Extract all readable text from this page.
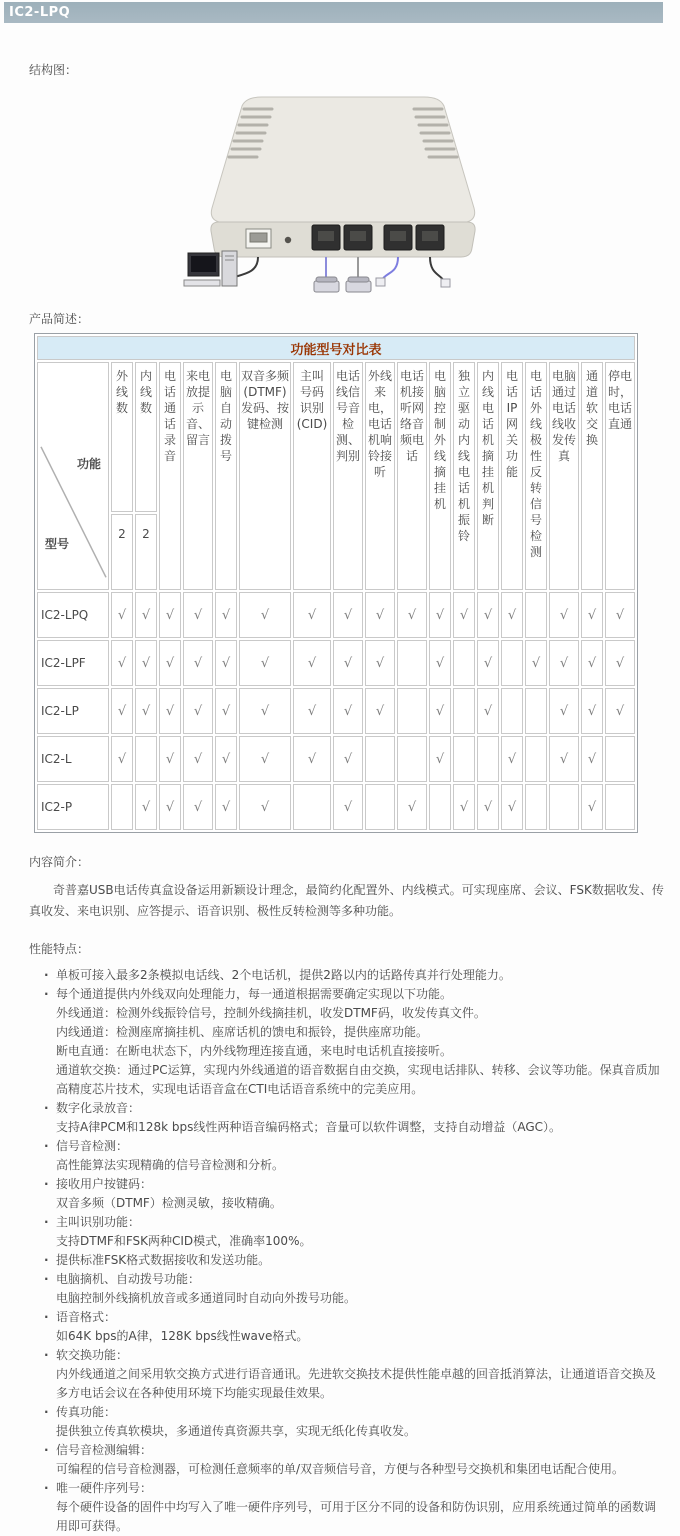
IC2-LPQ
结构图：
产品简述：
功能型号对比表																		

功能
型号	外线数	内线数	电话通话录音	来电放提示音、留言	电脑自动拨号	双音多频(DTMF)发码、按键检测	主叫号码识别(CID)	电话线信号音检测、判别	外线来电，电话机响铃接听	电话机接听网络音频电话	电脑控制外线摘挂机	独立驱动内线电话机振铃	内线电话机摘挂机判断	电话IP网关功能	电话外线极性反转信号检测	电脑通过电话线收发传真	通道软交换	停电时，电话直通
	2	2																
IC2-LPQ	√	√	√	√	√	√	√	√	√	√	√	√	√	√		√	√	√
IC2-LPF	√	√	√	√	√	√	√	√	√		√		√		√	√	√	√
IC2-LP	√	√	√	√	√	√	√	√	√		√		√			√	√	√
IC2-L	√		√	√	√	√	√	√			√			√		√	√	
IC2-P		√	√	√	√	√		√		√		√	√	√			√	
内容简介：
奇普嘉USB电话传真盒设备运用新颖设计理念，最简约化配置外、内线模式。可实现座席、会议、FSK数据收发、传真收发、来电识别、应答提示、语音识别、极性反转检测等多种功能。
性能特点：
· 单板可接入最多2条模拟电话线、2个电话机，提供2路以内的话路传真并行处理能力。
· 每个通道提供内外线双向处理能力，每一通道根据需要确定实现以下功能。
外线通道：检测外线振铃信号，控制外线摘挂机，收发DTMF码，收发传真文件。
内线通道：检测座席摘挂机、座席话机的馈电和振铃，提供座席功能。
断电直通：在断电状态下，内外线物理连接直通，来电时电话机直接接听。
通道软交换：通过PC运算，实现内外线通道的语音数据自由交换，实现电话排队、转移、会议等功能。保真音质加高精度芯片技术，实现电话语音盒在CTI电话语音系统中的完美应用。
· 数字化录放音：
支持A律PCM和128k bps线性两种语音编码格式；音量可以软件调整，支持自动增益（AGC）。
· 信号音检测：
高性能算法实现精确的信号音检测和分析。
· 接收用户按键码：
双音多频（DTMF）检测灵敏，接收精确。
· 主叫识别功能：
支持DTMF和FSK两种CID模式，准确率100%。
· 提供标准FSK格式数据接收和发送功能。
· 电脑摘机、自动拨号功能：
电脑控制外线摘机放音或多通道同时自动向外拨号功能。
· 语音格式：
如64K bps的A律，128K bps线性wave格式。
· 软交换功能：
内外线通道之间采用软交换方式进行语音通讯。先进软交换技术提供性能卓越的回音抵消算法，让通道语音交换及多方电话会议在各种使用环境下均能实现最佳效果。
· 传真功能：
提供独立传真软模块，多通道传真资源共享，实现无纸化传真收发。
· 信号音检测编辑：
可编程的信号音检测器，可检测任意频率的单/双音频信号音，方便与各种型号交换机和集团电话配合使用。
· 唯一硬件序列号：
每个硬件设备的固件中均写入了唯一硬件序列号，可用于区分不同的设备和防伪识别，应用系统通过简单的函数调用即可获得。
